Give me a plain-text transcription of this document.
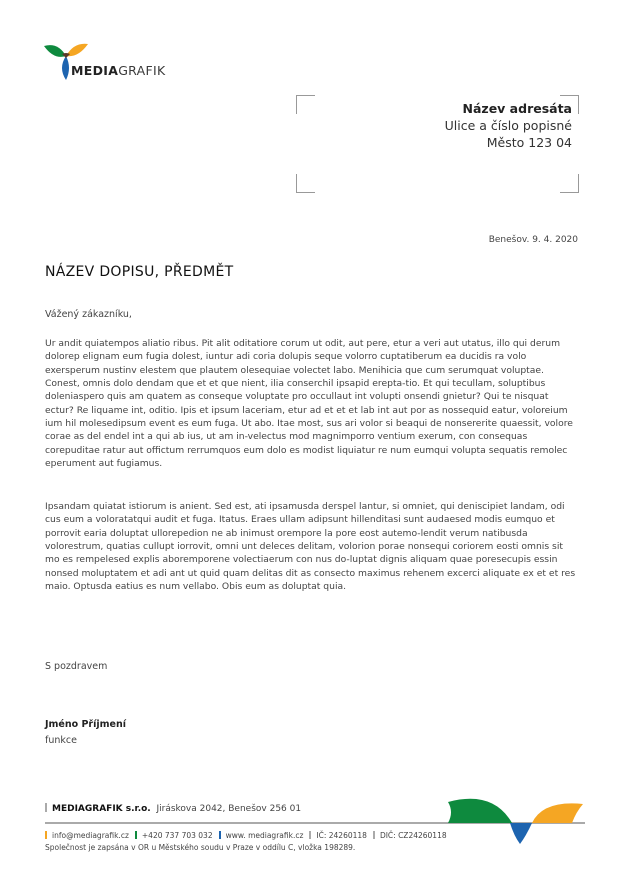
MEDIAGRAFIK
Název adresáta
Ulice a číslo popisné
Město 123 04
Benešov. 9. 4. 2020
NÁZEV DOPISU, PŘEDMĚT
Vážený zákazníku,

Ur andit quiatempos aliatio ribus. Pit alit oditatiore corum ut odit, aut pere, etur a veri aut utatus, illo qui derum dolorep elignam eum fugia dolest, iuntur adi coria dolupis seque volorro cuptatiberum ea ducidis ra volo exersperum nustinv elestem que plautem olesequiae volectet labo. Menihicia que cum serumquat voluptae. Conest, omnis dolo dendam que et et que nient, ilia conserchil ipsapid erepta-tio. Et qui tecullam, soluptibus doleniaspero quis am quatem as conseque voluptate pro occullaut int volupti onsendi gnietur? Qui te nisquat ectur? Re liquame int, oditio. Ipis et ipsum laceriam, etur ad et et et lab int aut por as nossequid eatur, voloreium ium hil molesedipsum event es eum fuga. Ut abo. Itae most, sus ari volor si beaqui de nonsererite quaessit, volore corae as del endel int a qui ab ius, ut am in-velectus mod magnimporro ventium exerum, con consequas corepuditae ratur aut offictum rerrumquos eum dolo es modist liquiatur re num eumqui volupta sequatis remolec eperument aut fugiamus.

Ipsandam quiatat istiorum is anient. Sed est, ati ipsamusda derspel lantur, si omniet, qui deniscipiet landam, odi cus eum a voloratatqui audit et fuga. Itatus. Eraes ullam adipsunt hillenditasi sunt audaesed modis eumquo et porrovit earia doluptat ullorepedion ne ab inimust orempore la pore eost autemo-lendit verum natibusda volorestrum, quatias cullupt iorrovit, omni unt deleces delitam, volorion porae nonsequi coriorem eosti omnis sit mo es rempelesed explis aboremporene volectiaerum con nus do-luptat dignis aliquam quae poresecupis essin nonsed moluptatem et adi ant ut quid quam delitas dit as consecto maximus rehenem excerci aliquate ex et et res maio. Optusda eatius es num vellabo. Obis eum as doluptat quia.

S pozdravem
Jméno Příjmení
funkce
MEDIAGRAFIK s.r.o. Jiráskova 2042, Benešov 256 01
info@mediagrafik.cz +420 737 703 032 www. mediagrafik.cz IČ: 24260118 DIČ: CZ24260118
Společnost je zapsána v OR u Městského soudu v Praze v oddílu C, vložka 198289.
